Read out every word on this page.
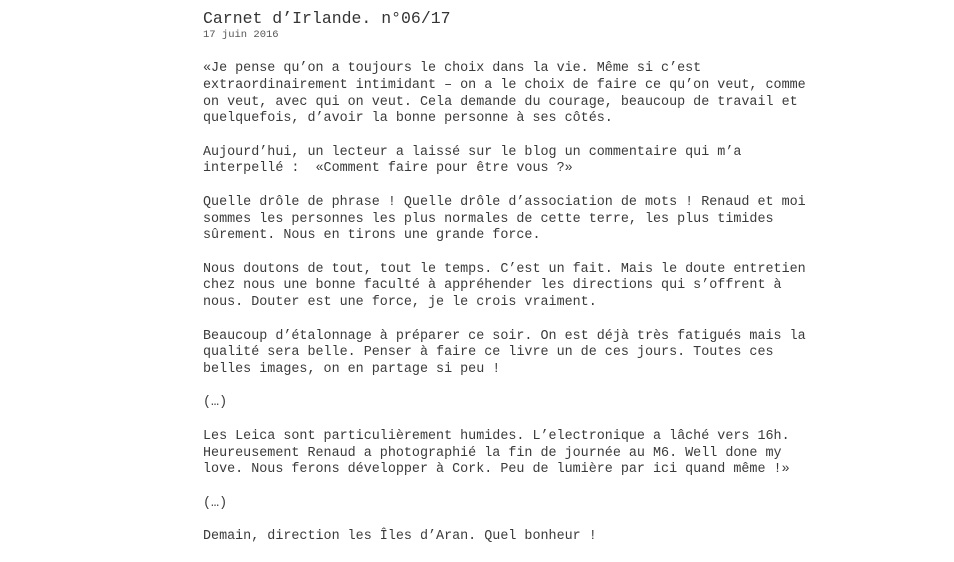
Carnet d’Irlande. n°06/17
17 juin 2016

«Je pense qu’on a toujours le choix dans la vie. Même si c’est
extraordinairement intimidant – on a le choix de faire ce qu’on veut, comme
on veut, avec qui on veut. Cela demande du courage, beaucoup de travail et
quelquefois, d’avoir la bonne personne à ses côtés.

Aujourd’hui, un lecteur a laissé sur le blog un commentaire qui m’a
interpellé :  «Comment faire pour être vous ?»

Quelle drôle de phrase ! Quelle drôle d’association de mots ! Renaud et moi
sommes les personnes les plus normales de cette terre, les plus timides
sûrement. Nous en tirons une grande force.

Nous doutons de tout, tout le temps. C’est un fait. Mais le doute entretien
chez nous une bonne faculté à appréhender les directions qui s’offrent à
nous. Douter est une force, je le crois vraiment.

Beaucoup d’étalonnage à préparer ce soir. On est déjà très fatigués mais la
qualité sera belle. Penser à faire ce livre un de ces jours. Toutes ces
belles images, on en partage si peu !

(…)

Les Leica sont particulièrement humides. L’electronique a lâché vers 16h.
Heureusement Renaud a photographié la fin de journée au M6. Well done my
love. Nous ferons développer à Cork. Peu de lumière par ici quand même !»

(…)

Demain, direction les Îles d’Aran. Quel bonheur !
